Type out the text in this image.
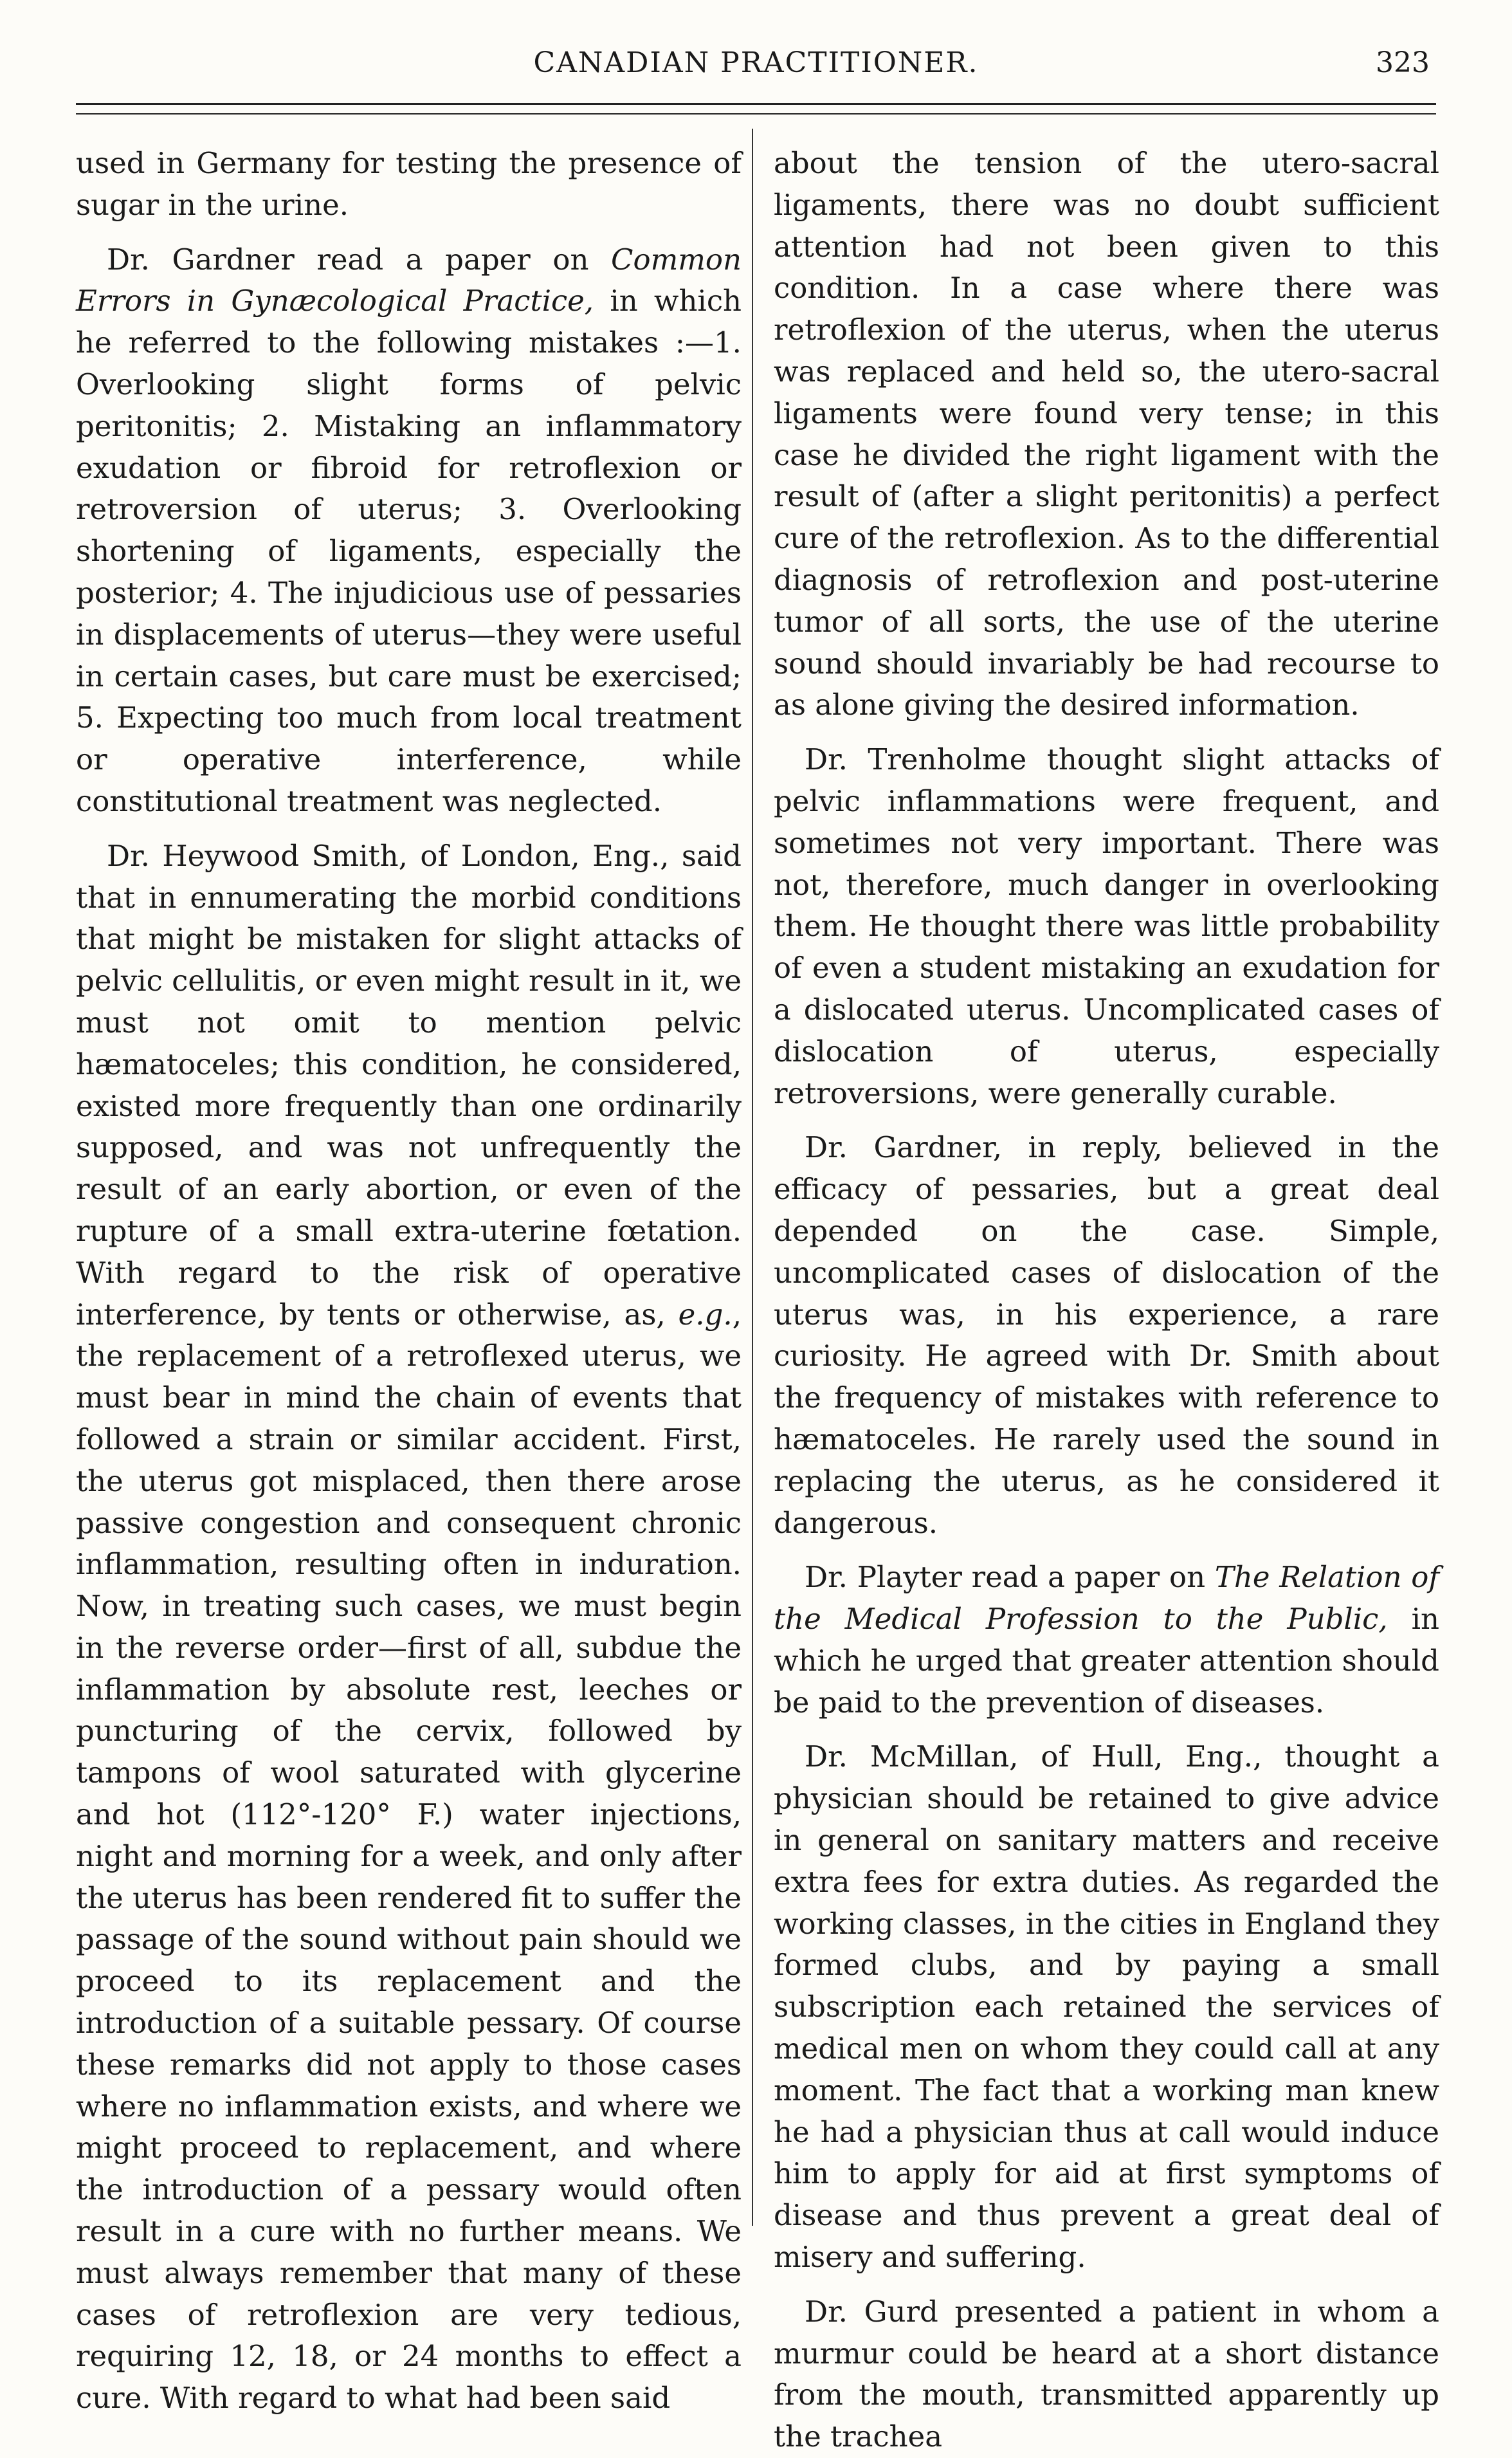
CANADIAN PRACTITIONER.	323

used in Germany for testing the presence of sugar in the urine.

Dr. Gardner read a paper on Common Errors in Gynæcological Practice, in which he referred to the following mistakes :—1. Overlooking slight forms of pelvic peritonitis; 2. Mistaking an inflammatory exudation or fibroid for retroflexion or retroversion of uterus; 3. Overlooking shortening of ligaments, especially the posterior; 4. The injudicious use of pessaries in displacements of uterus—they were useful in certain cases, but care must be exercised; 5. Expecting too much from local treatment or operative interference, while constitutional treatment was neglected.

Dr. Heywood Smith, of London, Eng., said that in ennumerating the morbid conditions that might be mistaken for slight attacks of pelvic cellulitis, or even might result in it, we must not omit to mention pelvic hæmatoceles; this condition, he considered, existed more frequently than one ordinarily supposed, and was not unfrequently the result of an early abortion, or even of the rupture of a small extra-uterine fœtation. With regard to the risk of operative interference, by tents or otherwise, as, e.g., the replacement of a retroflexed uterus, we must bear in mind the chain of events that followed a strain or similar accident. First, the uterus got misplaced, then there arose passive congestion and consequent chronic inflammation, resulting often in induration. Now, in treating such cases, we must begin in the reverse order—first of all, subdue the inflammation by absolute rest, leeches or puncturing of the cervix, followed by tampons of wool saturated with glycerine and hot (112°-120° F.) water injections, night and morning for a week, and only after the uterus has been rendered fit to suffer the passage of the sound without pain should we proceed to its replacement and the introduction of a suitable pessary. Of course these remarks did not apply to those cases where no inflammation exists, and where we might proceed to replacement, and where the introduction of a pessary would often result in a cure with no further means. We must always remember that many of these cases of retroflexion are very tedious, requiring 12, 18, or 24 months to effect a cure. With regard to what had been said

about the tension of the utero-sacral ligaments, there was no doubt sufficient attention had not been given to this condition. In a case where there was retroflexion of the uterus, when the uterus was replaced and held so, the utero-sacral ligaments were found very tense; in this case he divided the right ligament with the result of (after a slight peritonitis) a perfect cure of the retroflexion. As to the differential diagnosis of retroflexion and post-uterine tumor of all sorts, the use of the uterine sound should invariably be had recourse to as alone giving the desired information.

Dr. Trenholme thought slight attacks of pelvic inflammations were frequent, and sometimes not very important. There was not, therefore, much danger in overlooking them. He thought there was little probability of even a student mistaking an exudation for a dislocated uterus. Uncomplicated cases of dislocation of uterus, especially retroversions, were generally curable.

Dr. Gardner, in reply, believed in the efficacy of pessaries, but a great deal depended on the case. Simple, uncomplicated cases of dislocation of the uterus was, in his experience, a rare curiosity. He agreed with Dr. Smith about the frequency of mistakes with reference to hæmatoceles. He rarely used the sound in replacing the uterus, as he considered it dangerous.

Dr. Playter read a paper on The Relation of the Medical Profession to the Public, in which he urged that greater attention should be paid to the prevention of diseases.

Dr. McMillan, of Hull, Eng., thought a physician should be retained to give advice in general on sanitary matters and receive extra fees for extra duties. As regarded the working classes, in the cities in England they formed clubs, and by paying a small subscription each retained the services of medical men on whom they could call at any moment. The fact that a working man knew he had a physician thus at call would induce him to apply for aid at first symptoms of disease and thus prevent a great deal of misery and suffering.

Dr. Gurd presented a patient in whom a murmur could be heard at a short distance from the mouth, transmitted apparently up the trachea
